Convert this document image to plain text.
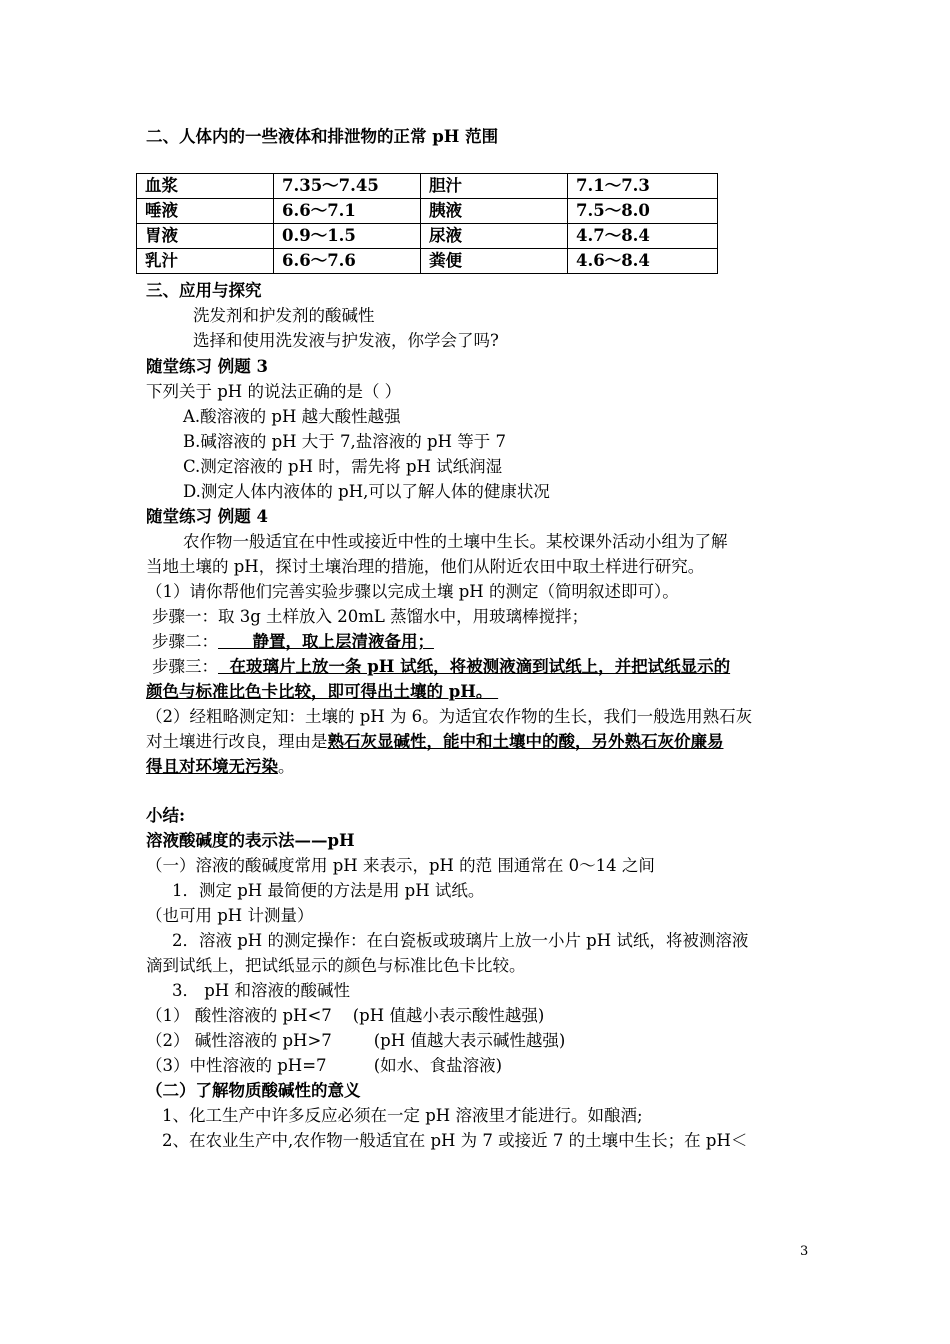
二、人体内的一些液体和排泄物的正常 pH 范围
血浆	7.35～7.45	胆汁	7.1～7.3
唾液	6.6～7.1	胰液	7.5～8.0
胃液	0.9～1.5	尿液	4.7～8.4
乳汁	6.6～7.6	粪便	4.6～8.4
三、应用与探究
洗发剂和护发剂的酸碱性
选择和使用洗发液与护发液，你学会了吗?
随堂练习 例题 3
下列关于 pH 的说法正确的是（ ）
A.酸溶液的 pH 越大酸性越强
B.碱溶液的 pH 大于 7,盐溶液的 pH 等于 7
C.测定溶液的 pH 时，需先将 pH 试纸润湿
D.测定人体内液体的 pH,可以了解人体的健康状况
随堂练习 例题 4
农作物一般适宜在中性或接近中性的土壤中生长。某校课外活动小组为了解
当地土壤的 pH，探讨土壤治理的措施，他们从附近农田中取土样进行研究。
（1）请你帮他们完善实验步骤以完成土壤 pH 的测定（简明叙述即可）。
步骤一：取 3g 土样放入 20mL 蒸馏水中，用玻璃棒搅拌；
步骤二：      静置，取上层清液备用；
步骤三：  在玻璃片上放一条 pH 试纸，将被测液滴到试纸上，并把试纸显示的
颜色与标准比色卡比较，即可得出土壤的 pH。
（2）经粗略测定知：土壤的 pH 为 6。为适宜农作物的生长，我们一般选用熟石灰
对土壤进行改良，理由是熟石灰显碱性，能中和土壤中的酸，另外熟石灰价廉易
得且对环境无污染。
小结:
溶液酸碱度的表示法——pH
（一）溶液的酸碱度常用 pH 来表示，pH 的范 围通常在 0～14 之间
1．测定 pH 最简便的方法是用 pH 试纸。
（也可用 pH 计测量）
2．溶液 pH 的测定操作：在白瓷板或玻璃片上放一小片 pH 试纸，将被测溶液
滴到试纸上，把试纸显示的颜色与标准比色卡比较。
3． pH 和溶液的酸碱性
（1） 酸性溶液的 pH<7    (pH 值越小表示酸性越强)
（2） 碱性溶液的 pH>7        (pH 值越大表示碱性越强)
（3）中性溶液的 pH=7         (如水、食盐溶液)
（二）了解物质酸碱性的意义
1、化工生产中许多反应必须在一定 pH 溶液里才能进行。如酿酒;
2、在农业生产中,农作物一般适宜在 pH 为 7 或接近 7 的土壤中生长；在 pH＜
3
